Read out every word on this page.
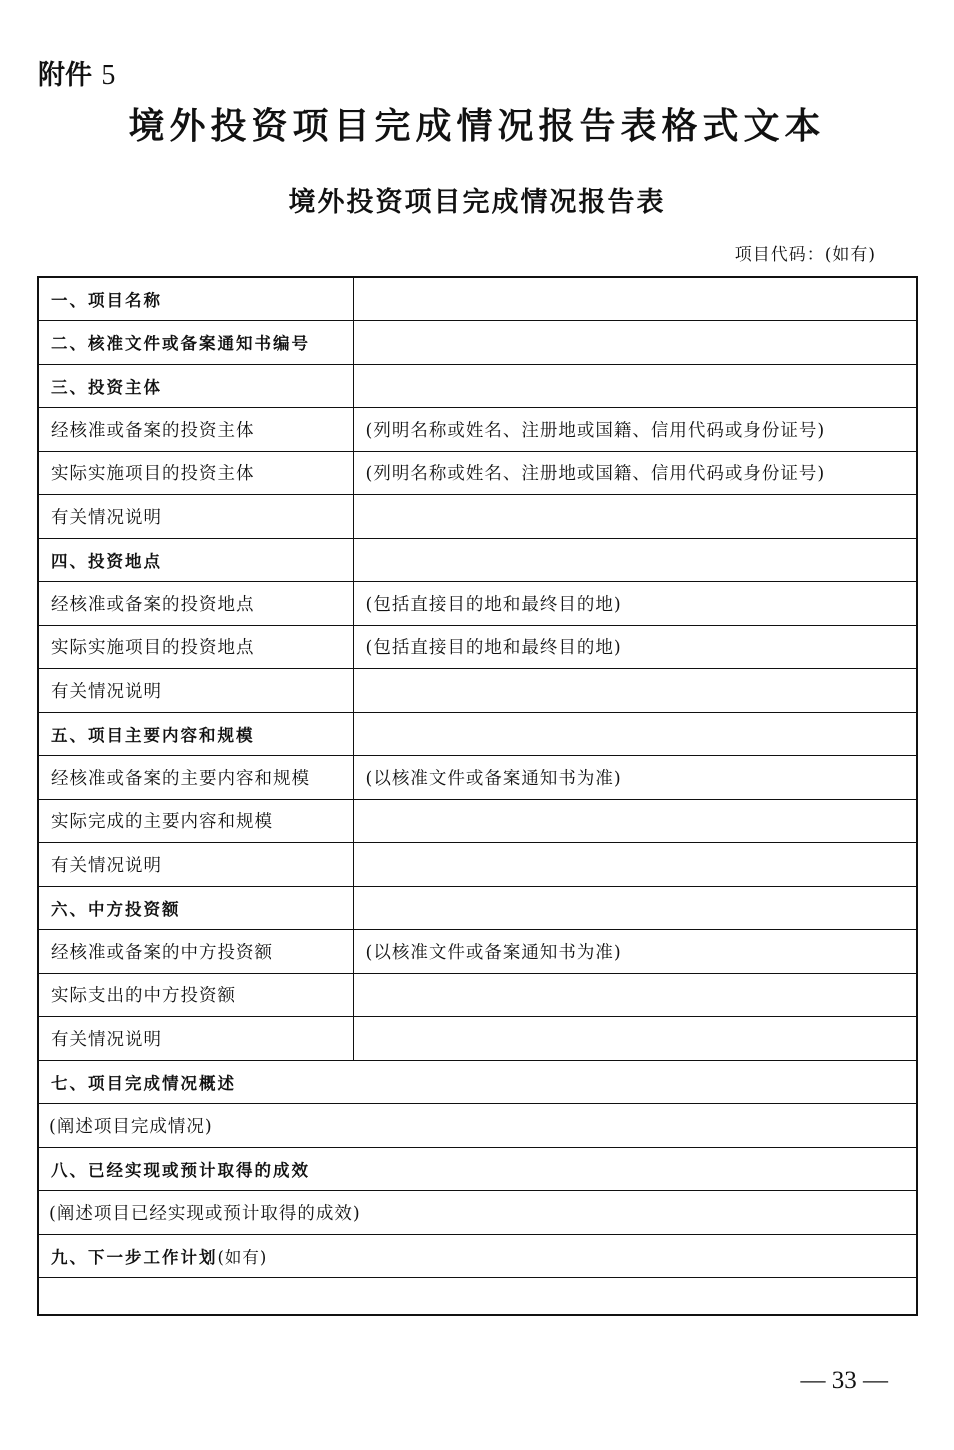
附件 5
境外投资项目完成情况报告表格式文本
境外投资项目完成情况报告表
项目代码：(如有)
一、项目名称	
二、核准文件或备案通知书编号	
三、投资主体	
经核准或备案的投资主体	(列明名称或姓名、注册地或国籍、信用代码或身份证号)
实际实施项目的投资主体	(列明名称或姓名、注册地或国籍、信用代码或身份证号)
有关情况说明	
四、投资地点	
经核准或备案的投资地点	(包括直接目的地和最终目的地)
实际实施项目的投资地点	(包括直接目的地和最终目的地)
有关情况说明	
五、项目主要内容和规模	
经核准或备案的主要内容和规模	(以核准文件或备案通知书为准)
实际完成的主要内容和规模	
有关情况说明	
六、中方投资额	
经核准或备案的中方投资额	(以核准文件或备案通知书为准)
实际支出的中方投资额	
有关情况说明	
七、项目完成情况概述	
(阐述项目完成情况)	
八、已经实现或预计取得的成效	
(阐述项目已经实现或预计取得的成效)	
九、下一步工作计划(如有)	

— 33 —
